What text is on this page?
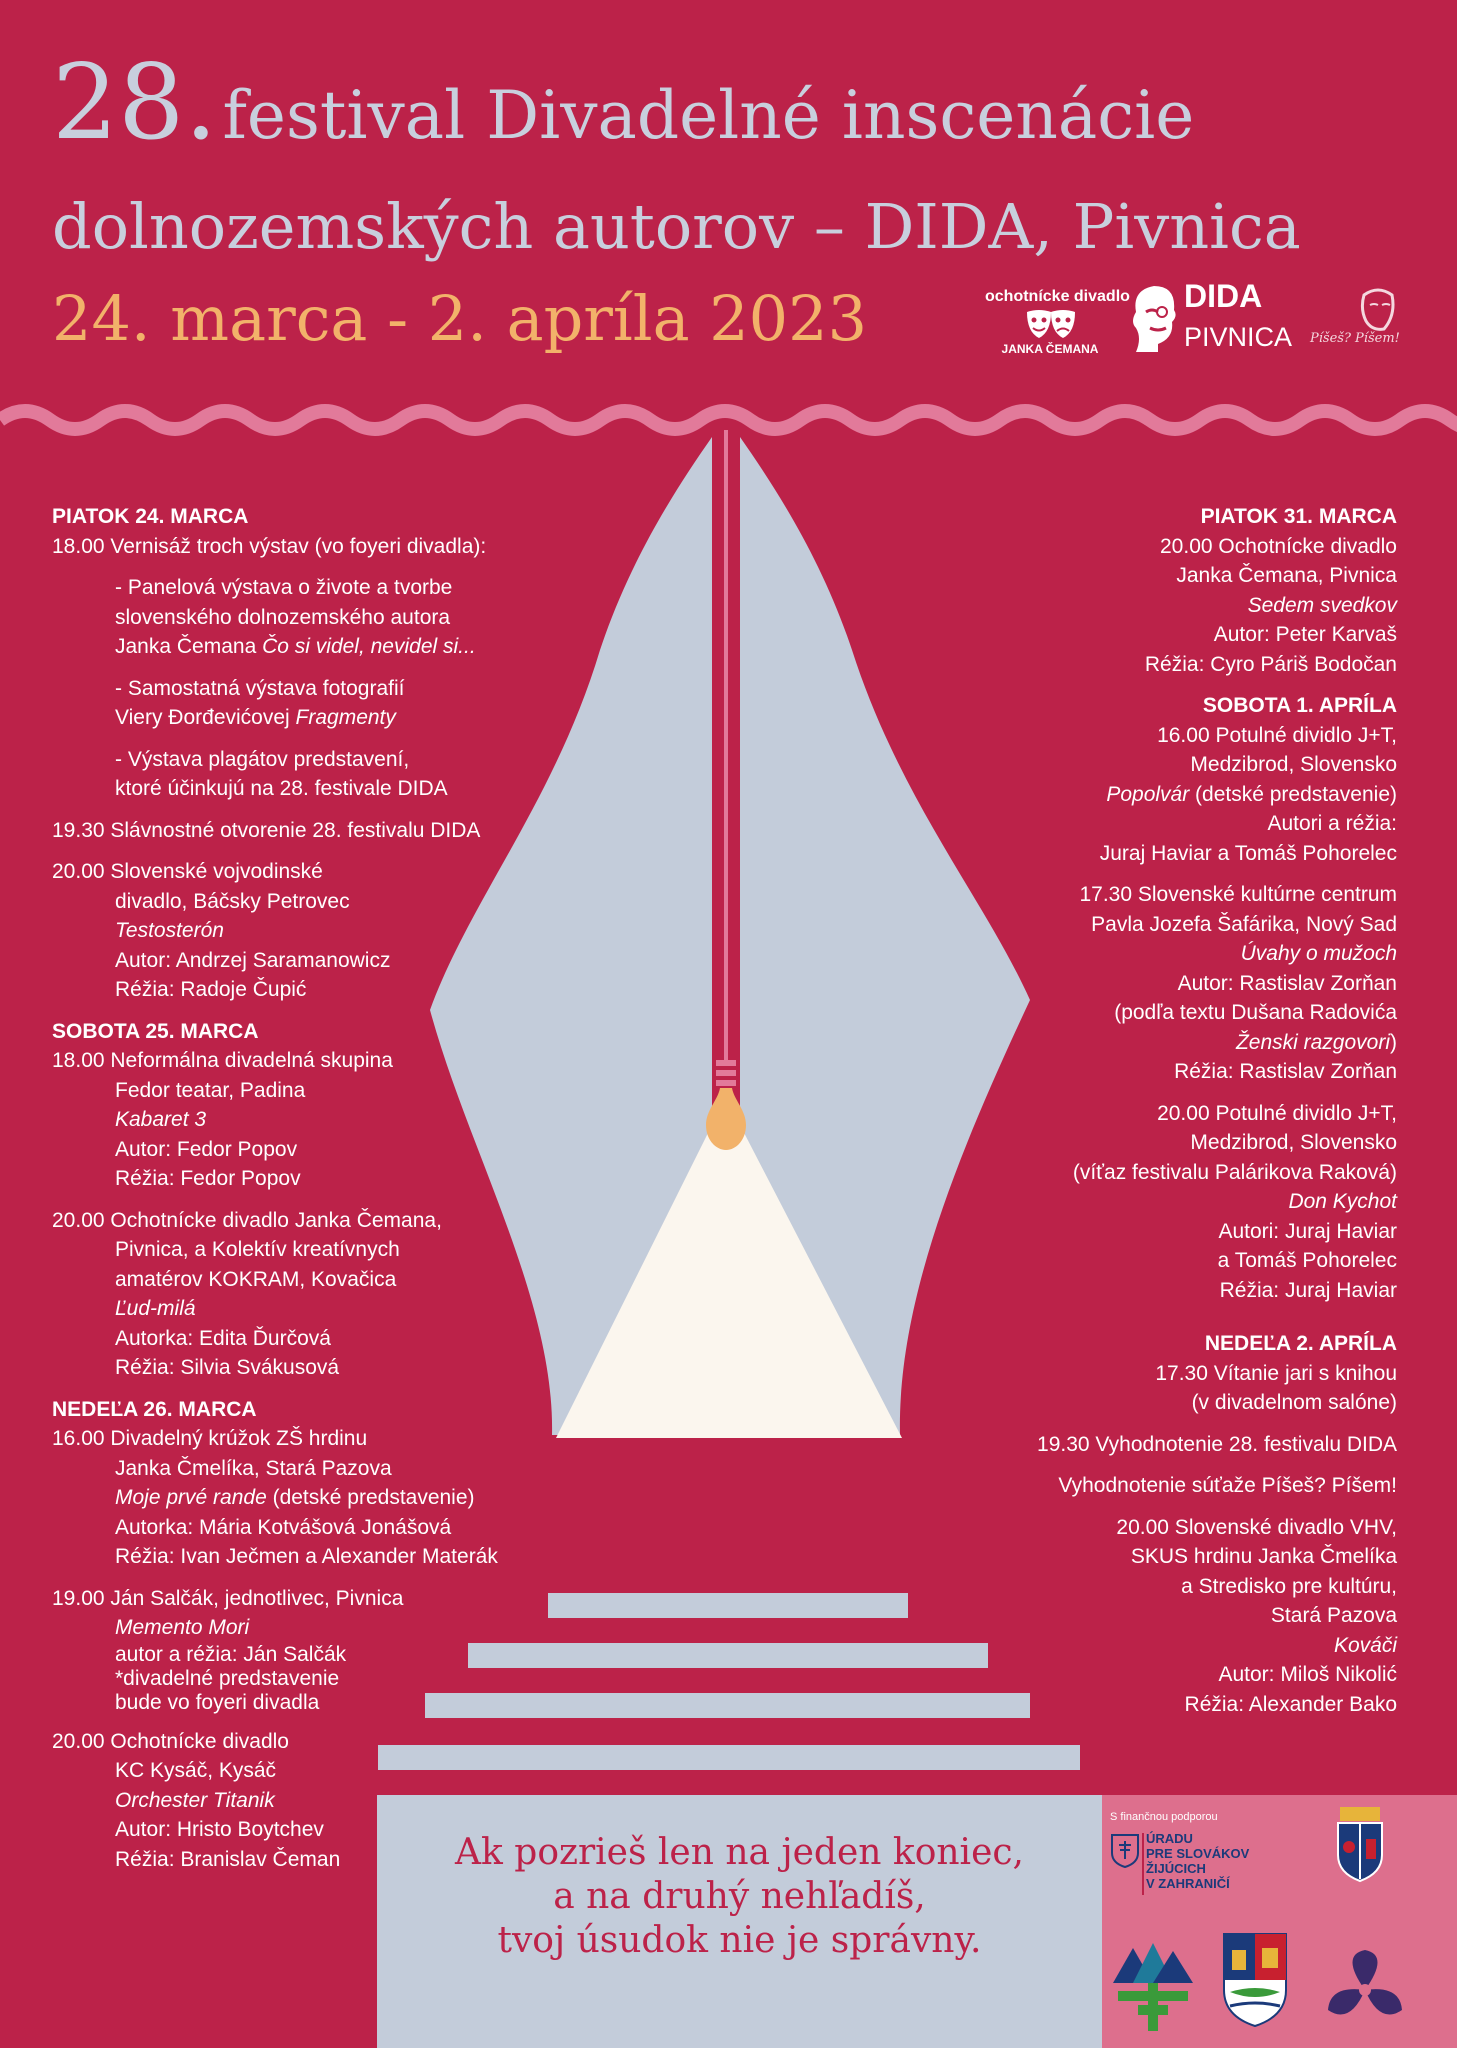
28. festival Divadelné inscenácie
dolnozemských autorov – DIDA, Pivnica
24. marca - 2. apríla 2023	ochotnícke divadlo
JANKA ČEMANA
DIDA
PIVNICA Píšeš? Píšem!
PIATOK 24. MARCA
18.00 Vernisáž troch výstav (vo foyeri divadla):
- Panelová výstava o živote a tvorbe
slovenského dolnozemského autora
Janka Čemana Čo si videl, nevidel si...
- Samostatná výstava fotografií
Viery Đorđevićovej Fragmenty
- Výstava plagátov predstavení,
ktoré účinkujú na 28. festivale DIDA
19.30 Slávnostné otvorenie 28. festivalu DIDA
20.00 Slovenské vojvodinské
divadlo, Báčsky Petrovec
Testosterón
Autor: Andrzej Saramanowicz
Réžia: Radoje Čupić
SOBOTA 25. MARCA
18.00 Neformálna divadelná skupina
Fedor teatar, Padina
Kabaret 3
Autor: Fedor Popov
Réžia: Fedor Popov
20.00 Ochotnícke divadlo Janka Čemana,
Pivnica, a Kolektív kreatívnych
amatérov KOKRAM, Kovačica
Ľud-milá
Autorka: Edita Ďurčová
Réžia: Silvia Svákusová
NEDEĽA 26. MARCA
16.00 Divadelný krúžok ZŠ hrdinu
Janka Čmelíka, Stará Pazova
Moje prvé rande (detské predstavenie)
Autorka: Mária Kotvášová Jonášová
Réžia: Ivan Ječmen a Alexander Materák
19.00 Ján Salčák, jednotlivec, Pivnica
Memento Mori
autor a réžia: Ján Salčák
*divadelné predstavenie
bude vo foyeri divadla
20.00 Ochotnícke divadlo
KC Kysáč, Kysáč
Orchester Titanik
Autor: Hristo Boytchev
Réžia: Branislav Čeman
PIATOK 31. MARCA
20.00 Ochotnícke divadlo
Janka Čemana, Pivnica
Sedem svedkov
Autor: Peter Karvaš
Réžia: Cyro Páriš Bodočan
SOBOTA 1. APRÍLA
16.00 Potulné dividlo J+T,
Medzibrod, Slovensko
Popolvár (detské predstavenie)
Autori a réžia:
Juraj Haviar a Tomáš Pohorelec
17.30 Slovenské kultúrne centrum
Pavla Jozefa Šafárika, Nový Sad
Úvahy o mužoch
Autor: Rastislav Zorňan
(podľa textu Dušana Radovića
Ženski razgovori)
Réžia: Rastislav Zorňan
20.00 Potulné dividlo J+T,
Medzibrod, Slovensko
(víťaz festivalu Palárikova Raková)
Don Kychot
Autori: Juraj Haviar
a Tomáš Pohorelec
Réžia: Juraj Haviar
NEDEĽA 2. APRÍLA
17.30 Vítanie jari s knihou
(v divadelnom salóne)
19.30 Vyhodnotenie 28. festivalu DIDA
Vyhodnotenie súťaže Píšeš? Píšem!
20.00 Slovenské divadlo VHV,
SKUS hrdinu Janka Čmelíka
a Stredisko pre kultúru,
Stará Pazova
Kováči
Autor: Miloš Nikolić
Réžia: Alexander Bako
Ak pozrieš len na jeden koniec,
a na druhý nehľadíš,
tvoj úsudok nie je správny.
S finančnou podporou
ÚRADU
PRE SLOVÁKOV
ŽIJÚCICH
V ZAHRANIČÍ
